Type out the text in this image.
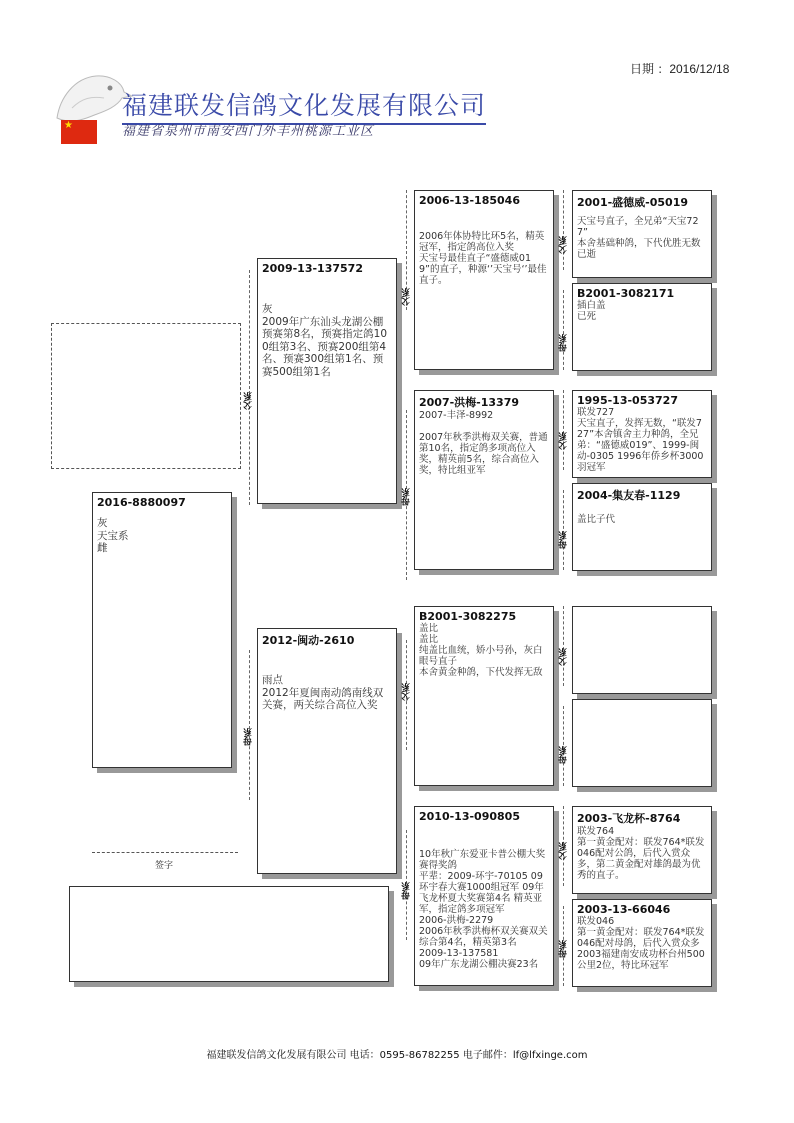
日期 ：2016/12/18
福建联发信鸽文化发展有限公司
★	福建省泉州市南安西门外丰州桃源工业区
2016-8880097
灰
天宝系
雌
签字
父系
母系
2009-13-137572
灰
2009年广东汕头龙湖公棚预赛第8名，预赛指定鸽100组第3名、预赛200组第4名、预赛300组第1名、预赛500组第1名
2012-闽动-2610
雨点
2012年夏闽南动鸽南线双关赛，两关综合高位入奖
父系
母系
父系
母系
2006-13-185046
2006年体协特比环5名，精英冠军，指定鸽高位入奖
天宝号最佳直子“盛德威019”的直子，种源‘’天宝号‘’最佳直子。
2007-洪梅-13379
2007-丰泽-8992

2007年秋季洪梅双关赛，普通第10名，指定鸽多项高位入奖，精英前5名，综合高位入奖，特比组亚军
B2001-3082275
盖比
盖比
纯盖比血统，娇小号孙，灰白眼号直子
本舍黄金种鸽，下代发挥无敌
2010-13-090805
10年秋广东爱亚卡普公棚大奖赛得奖鸽
平辈：2009-环宇-70105 09环宇春大赛1000组冠军 09年飞龙杯夏大奖赛第4名 精英亚军，指定鸽多项冠军
2006-洪梅-2279
2006年秋季洪梅杯双关赛双关综合第4名，精英第3名
2009-13-137581
09年广东龙湖公棚决赛23名
父系
母系
父系
母系
父系
母系
父系
母系
2001-盛德威-05019
天宝号直子，全兄弟“天宝727”
本舍基础种鸽，下代优胜无数
已逝
B2001-3082171
插白盖
已死
1995-13-053727
联发727
天宝直子，发挥无数，“联发727”本舍镇舍主力种鸽，全兄弟：“盛德威019”、1999-闽动-0305 1996年侨乡杯3000羽冠军
2004-集友春-1129

盖比子代
2003-飞龙杯-8764
联发764
第一黄金配对：联发764*联发046配对公鸽，后代入赏众多，第二黄金配对雄鸽最为优秀的直子。
2003-13-66046
联发046
第一黄金配对：联发764*联发046配对母鸽，后代入赏众多
2003福建南安成功杯台州500公里2位，特比环冠军
福建联发信鸽文化发展有限公司 电话：0595-86782255 电子邮件：lf@lfxinge.com
